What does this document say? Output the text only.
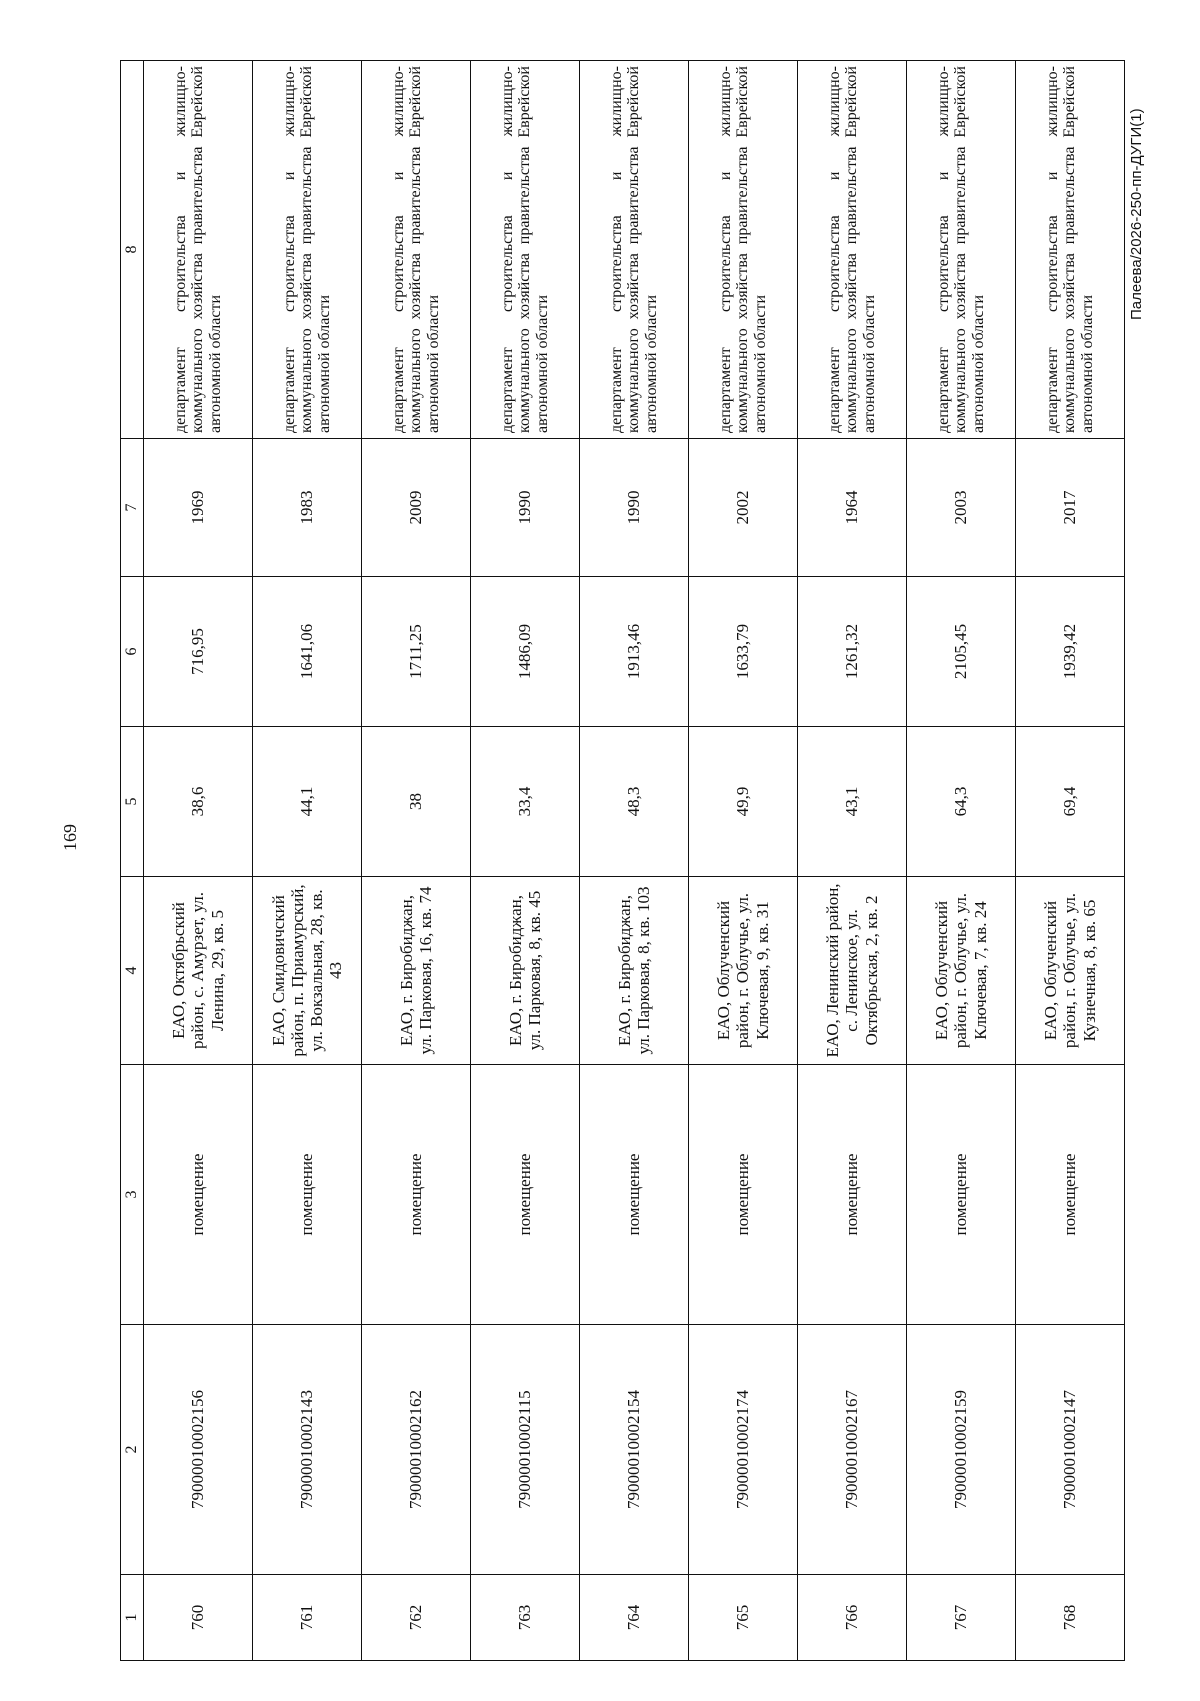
169
1	2	3	4	5	6	7	8
760	79000010002156	помещение	ЕАО, Октябрьский район, с. Амурзет, ул. Ленина, 29, кв. 5	38,6	716,95	1969	департамент строительства и жилищно-коммунального хозяйства правительства Еврейской автономной области
761	79000010002143	помещение	ЕАО, Смидовичский район, п. Приамурский, ул. Вокзальная, 28, кв. 43	44,1	1641,06	1983	департамент строительства и жилищно-коммунального хозяйства правительства Еврейской автономной области
762	79000010002162	помещение	ЕАО, г. Биробиджан, ул. Парковая, 16, кв. 74	38	1711,25	2009	департамент строительства и жилищно-коммунального хозяйства правительства Еврейской автономной области
763	79000010002115	помещение	ЕАО, г. Биробиджан, ул. Парковая, 8, кв. 45	33,4	1486,09	1990	департамент строительства и жилищно-коммунального хозяйства правительства Еврейской автономной области
764	79000010002154	помещение	ЕАО, г. Биробиджан, ул. Парковая, 8, кв. 103	48,3	1913,46	1990	департамент строительства и жилищно-коммунального хозяйства правительства Еврейской автономной области
765	79000010002174	помещение	ЕАО, Облученский район, г. Облучье, ул. Ключевая, 9, кв. 31	49,9	1633,79	2002	департамент строительства и жилищно-коммунального хозяйства правительства Еврейской автономной области
766	79000010002167	помещение	ЕАО, Ленинский район, с. Ленинское, ул. Октябрьская, 2, кв. 2	43,1	1261,32	1964	департамент строительства и жилищно-коммунального хозяйства правительства Еврейской автономной области
767	79000010002159	помещение	ЕАО, Облученский район, г. Облучье, ул. Ключевая, 7, кв. 24	64,3	2105,45	2003	департамент строительства и жилищно-коммунального хозяйства правительства Еврейской автономной области
768	79000010002147	помещение	ЕАО, Облученский район, г. Облучье, ул. Кузнечная, 8, кв. 65	69,4	1939,42	2017	департамент строительства и жилищно-коммунального хозяйства правительства Еврейской автономной области
Палеева/2026-250-пп-ДУГИ(1)
